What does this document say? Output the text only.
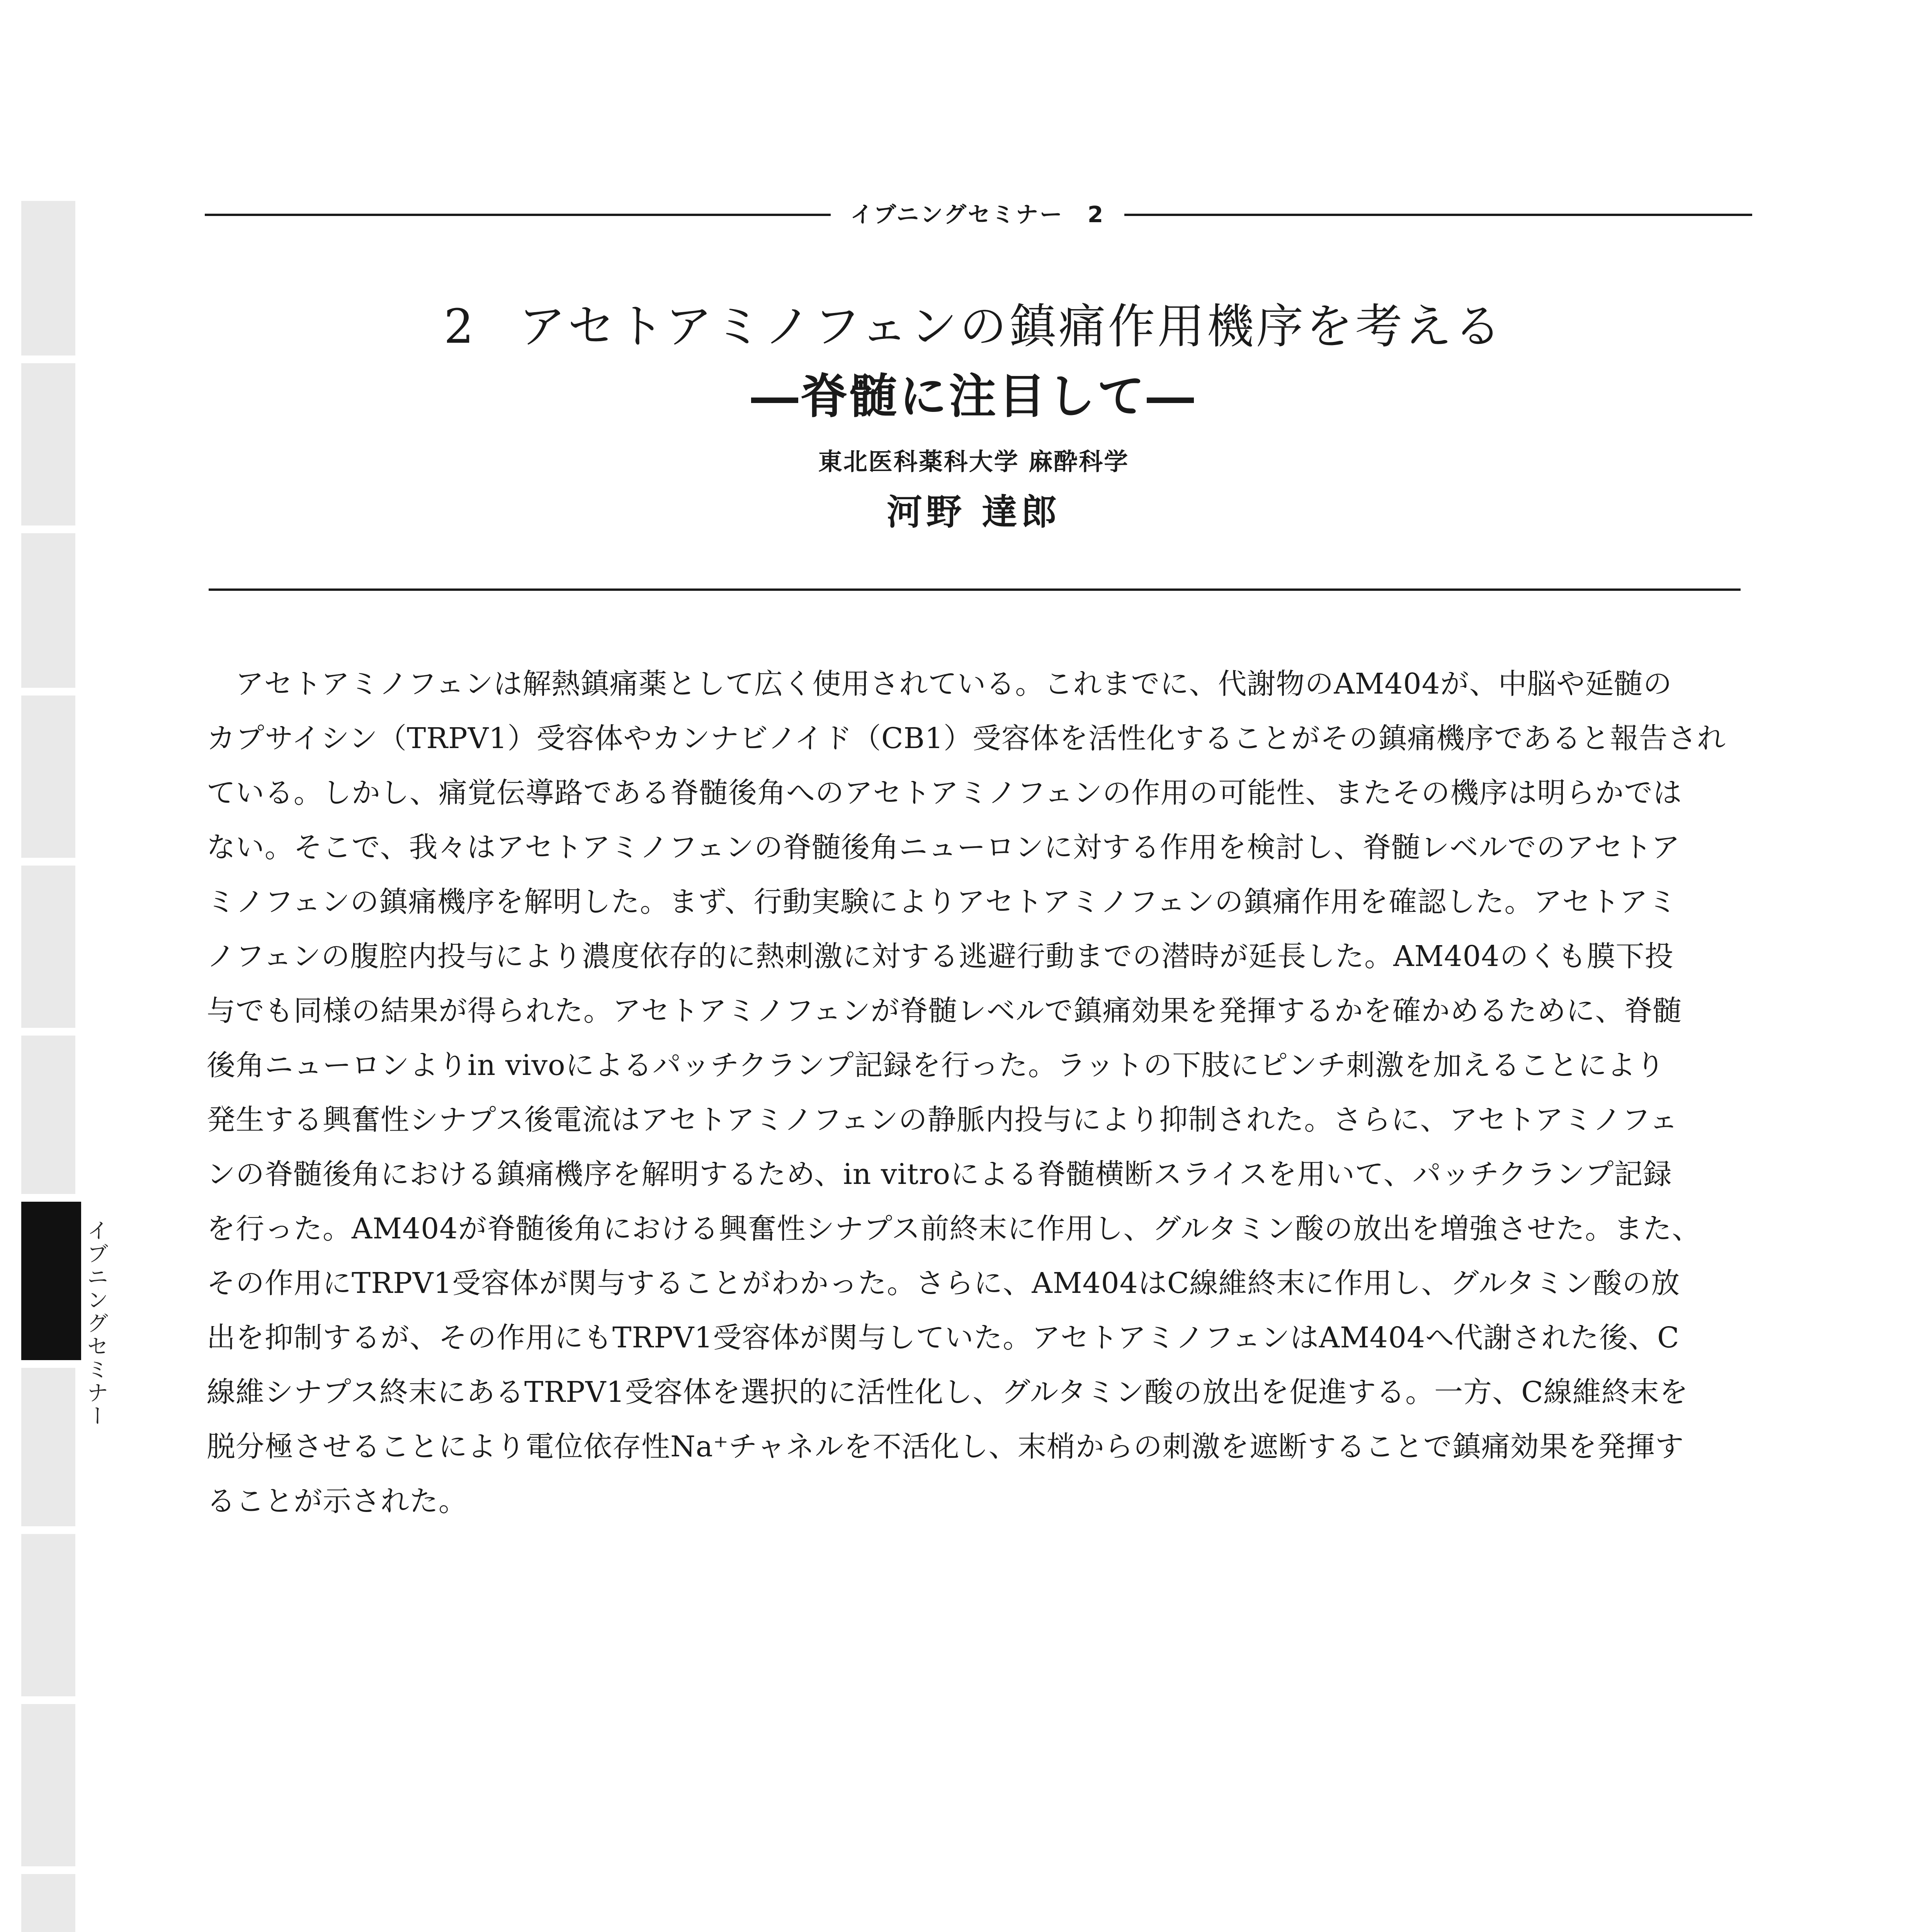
イブニングセミナー
イブニングセミナー　2
2 アセトアミノフェンの鎮痛作用機序を考える
―脊髄に注目して―
東北医科薬科大学 麻酔科学
河野 達郎
アセトアミノフェンは解熱鎮痛薬として広く使用されている。これまでに、代謝物のAM404が、中脳や延髄の
カプサイシン（TRPV1）受容体やカンナビノイド（CB1）受容体を活性化することがその鎮痛機序であると報告され
ている。しかし、痛覚伝導路である脊髄後角へのアセトアミノフェンの作用の可能性、またその機序は明らかでは
ない。そこで、我々はアセトアミノフェンの脊髄後角ニューロンに対する作用を検討し、脊髄レベルでのアセトア
ミノフェンの鎮痛機序を解明した。まず、行動実験によりアセトアミノフェンの鎮痛作用を確認した。アセトアミ
ノフェンの腹腔内投与により濃度依存的に熱刺激に対する逃避行動までの潜時が延長した。AM404のくも膜下投
与でも同様の結果が得られた。アセトアミノフェンが脊髄レベルで鎮痛効果を発揮するかを確かめるために、脊髄
後角ニューロンよりin vivoによるパッチクランプ記録を行った。ラットの下肢にピンチ刺激を加えることにより
発生する興奮性シナプス後電流はアセトアミノフェンの静脈内投与により抑制された。さらに、アセトアミノフェ
ンの脊髄後角における鎮痛機序を解明するため、in vitroによる脊髄横断スライスを用いて、パッチクランプ記録
を行った。AM404が脊髄後角における興奮性シナプス前終末に作用し、グルタミン酸の放出を増強させた。また、
その作用にTRPV1受容体が関与することがわかった。さらに、AM404はC線維終末に作用し、グルタミン酸の放
出を抑制するが、その作用にもTRPV1受容体が関与していた。アセトアミノフェンはAM404へ代謝された後、C
線維シナプス終末にあるTRPV1受容体を選択的に活性化し、グルタミン酸の放出を促進する。一方、C線維終末を
脱分極させることにより電位依存性Na⁺チャネルを不活化し、末梢からの刺激を遮断することで鎮痛効果を発揮す
ることが示された。
